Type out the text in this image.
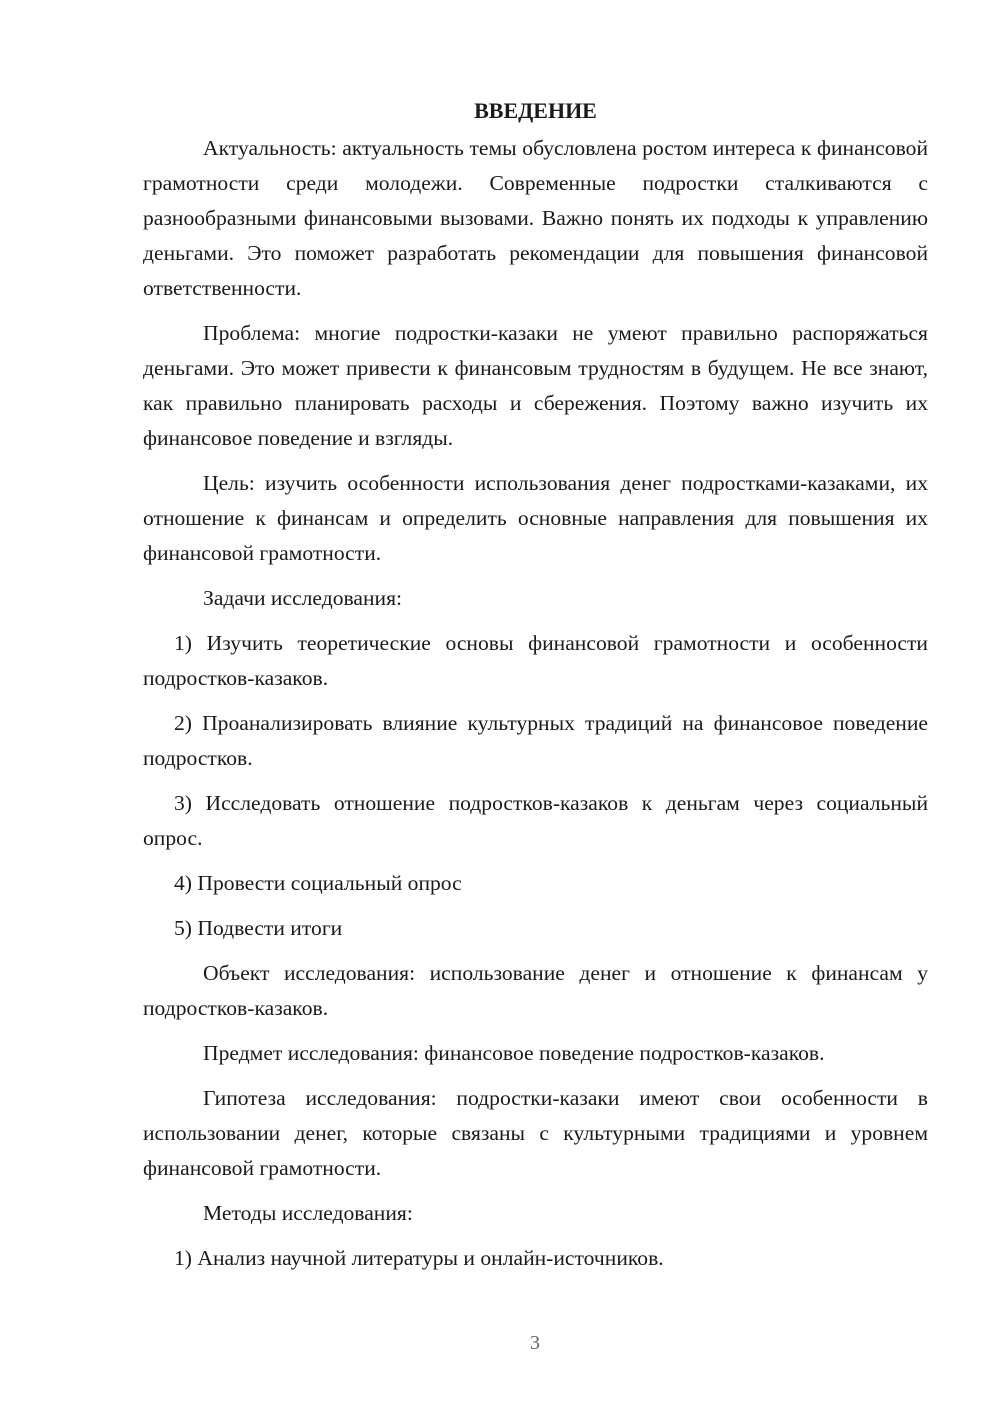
ВВЕДЕНИЕ

Актуальность: актуальность темы обусловлена ростом интереса к финансовой грамотности среди молодежи. Современные подростки сталкиваются с разнообразными финансовыми вызовами. Важно понять их подходы к управлению деньгами. Это поможет разработать рекомендации для повышения финансовой ответственности.

Проблема: многие подростки-казаки не умеют правильно распоряжаться деньгами. Это может привести к финансовым трудностям в будущем. Не все знают, как правильно планировать расходы и сбережения. Поэтому важно изучить их финансовое поведение и взгляды.

Цель: изучить особенности использования денег подростками-казаками, их отношение к финансам и определить основные направления для повышения их финансовой грамотности.

Задачи исследования:

1) Изучить теоретические основы финансовой грамотности и особенности подростков-казаков.

2) Проанализировать влияние культурных традиций на финансовое поведение подростков.

3) Исследовать отношение подростков-казаков к деньгам через социальный опрос.

4) Провести социальный опрос

5) Подвести итоги

Объект исследования: использование денег и отношение к финансам у подростков-казаков.

Предмет исследования: финансовое поведение подростков-казаков.

Гипотеза исследования: подростки-казаки имеют свои особенности в использовании денег, которые связаны с культурными традициями и уровнем финансовой грамотности.

Методы исследования:

1) Анализ научной литературы и онлайн-источников.

3
